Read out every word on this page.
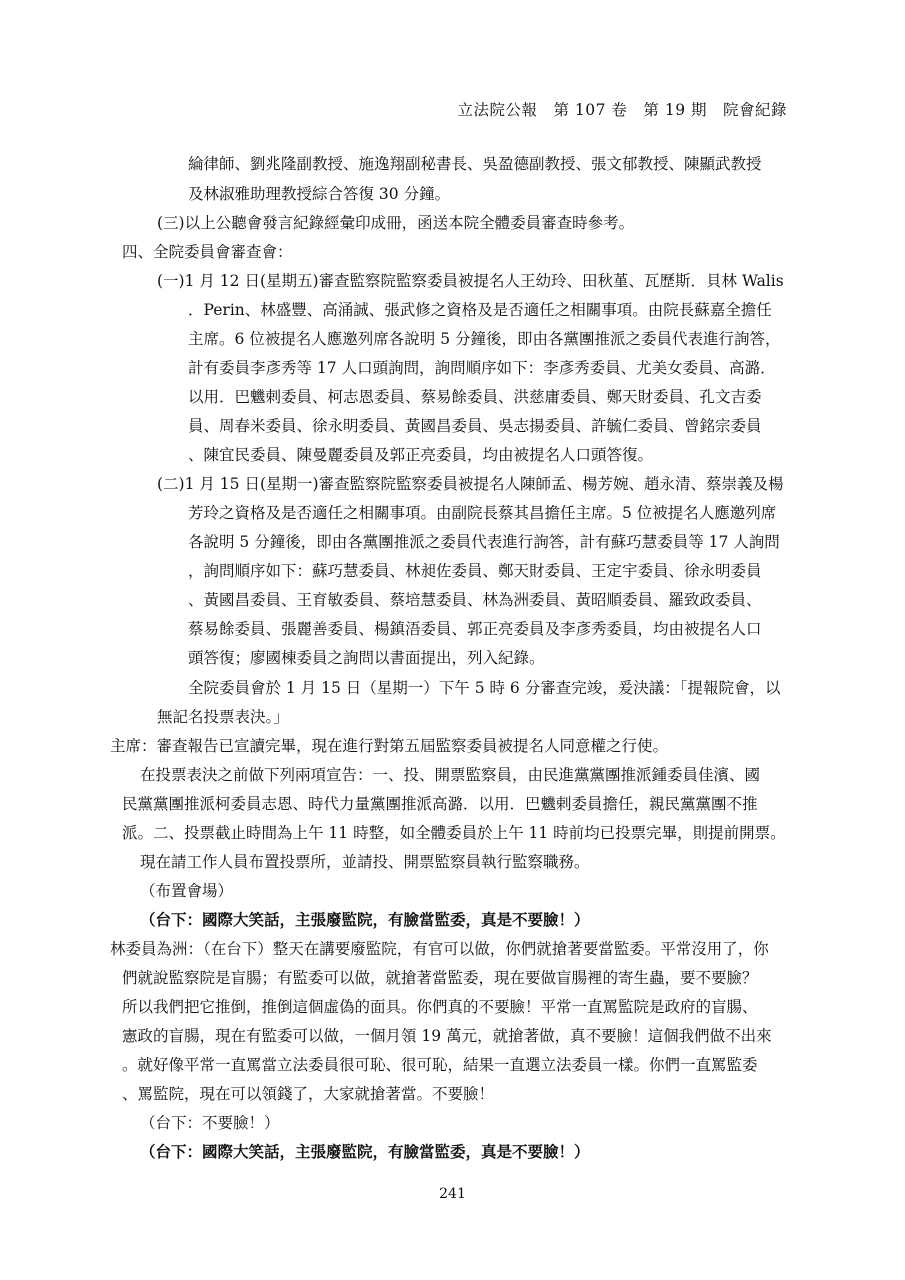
立法院公報　第 107 卷　第 19 期　院會紀錄
綸律師、劉兆隆副教授、施逸翔副秘書長、吳盈德副教授、張文郁教授、陳顯武教授
及林淑雅助理教授綜合答復 30 分鐘。
(三)以上公聽會發言紀錄經彙印成冊，函送本院全體委員審查時參考。
四、全院委員會審查會：
(一)1 月 12 日(星期五)審查監察院監察委員被提名人王幼玲、田秋堇、瓦歷斯．貝林 Walis
．Perin、林盛豐、高涌誠、張武修之資格及是否適任之相關事項。由院長蘇嘉全擔任
主席。6 位被提名人應邀列席各說明 5 分鐘後，即由各黨團推派之委員代表進行詢答，
計有委員李彥秀等 17 人口頭詢問，詢問順序如下：李彥秀委員、尤美女委員、高潞．
以用．巴魕剌委員、柯志恩委員、蔡易餘委員、洪慈庸委員、鄭天財委員、孔文吉委
員、周春米委員、徐永明委員、黃國昌委員、吳志揚委員、許毓仁委員、曾銘宗委員
、陳宜民委員、陳曼麗委員及郭正亮委員，均由被提名人口頭答復。
(二)1 月 15 日(星期一)審查監察院監察委員被提名人陳師孟、楊芳婉、趙永清、蔡崇義及楊
芳玲之資格及是否適任之相關事項。由副院長蔡其昌擔任主席。5 位被提名人應邀列席
各說明 5 分鐘後，即由各黨團推派之委員代表進行詢答，計有蘇巧慧委員等 17 人詢問
，詢問順序如下：蘇巧慧委員、林昶佐委員、鄭天財委員、王定宇委員、徐永明委員
、黃國昌委員、王育敏委員、蔡培慧委員、林為洲委員、黃昭順委員、羅致政委員、
蔡易餘委員、張麗善委員、楊鎮浯委員、郭正亮委員及李彥秀委員，均由被提名人口
頭答復；廖國棟委員之詢問以書面提出，列入紀錄。
全院委員會於 1 月 15 日（星期一）下午 5 時 6 分審查完竣，爰決議：「提報院會，以
無記名投票表決。」
主席：審查報告已宣讀完畢，現在進行對第五屆監察委員被提名人同意權之行使。
在投票表決之前做下列兩項宣告：一、投、開票監察員，由民進黨黨團推派鍾委員佳濱、國
民黨黨團推派柯委員志恩、時代力量黨團推派高潞．以用．巴魕剌委員擔任，親民黨黨團不推
派。二、投票截止時間為上午 11 時整，如全體委員於上午 11 時前均已投票完畢，則提前開票。
現在請工作人員布置投票所，並請投、開票監察員執行監察職務。
（布置會場）
（台下：國際大笑話，主張廢監院，有臉當監委，真是不要臉！）
林委員為洲：（在台下）整天在講要廢監院，有官可以做，你們就搶著要當監委。平常沒用了，你
們就說監察院是盲腸；有監委可以做，就搶著當監委，現在要做盲腸裡的寄生蟲，要不要臉？
所以我們把它推倒，推倒這個虛偽的面具。你們真的不要臉！平常一直罵監院是政府的盲腸、
憲政的盲腸，現在有監委可以做，一個月領 19 萬元，就搶著做，真不要臉！這個我們做不出來
。就好像平常一直罵當立法委員很可恥、很可恥，結果一直選立法委員一樣。你們一直罵監委
、罵監院，現在可以領錢了，大家就搶著當。不要臉！
（台下：不要臉！）
（台下：國際大笑話，主張廢監院，有臉當監委，真是不要臉！）
241
